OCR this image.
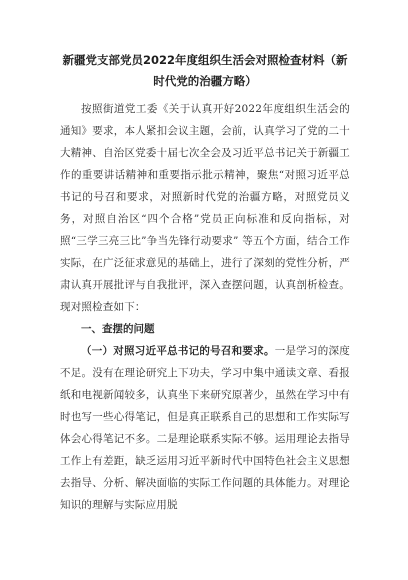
新疆党支部党员2022年度组织生活会对照检查材料（新时代党的治疆方略）

按照街道党工委《关于认真开好2022年度组织生活会的通知》要求，本人紧扣会议主题，会前，认真学习了党的二十大精神、自治区党委十届七次全会及习近平总书记关于新疆工作的重要讲话精神和重要指示批示精神，聚焦“对照习近平总书记的号召和要求，对照新时代党的治疆方略，对照党员义务，对照自治区“四个合格”党员正向标准和反向指标，对照“三学三亮三比”争当先锋行动要求” 等五个方面，结合工作实际，在广泛征求意见的基础上，进行了深刻的党性分析，严肃认真开展批评与自我批评，深入查摆问题，认真剖析检查。现对照检查如下：

一、查摆的问题

（一）对照习近平总书记的号召和要求。一是学习的深度不足。没有在理论研究上下功夫，学习中集中通读文章、看报纸和电视新闻较多，认真坐下来研究原著少，虽然在学习中有时也写一些心得笔记，但是真正联系自己的思想和工作实际写体会心得笔记不多。二是理论联系实际不够。运用理论去指导工作上有差距，缺乏运用习近平新时代中国特色社会主义思想去指导、分析、解决面临的实际工作问题的具体能力。对理论知识的理解与实际应用脱
